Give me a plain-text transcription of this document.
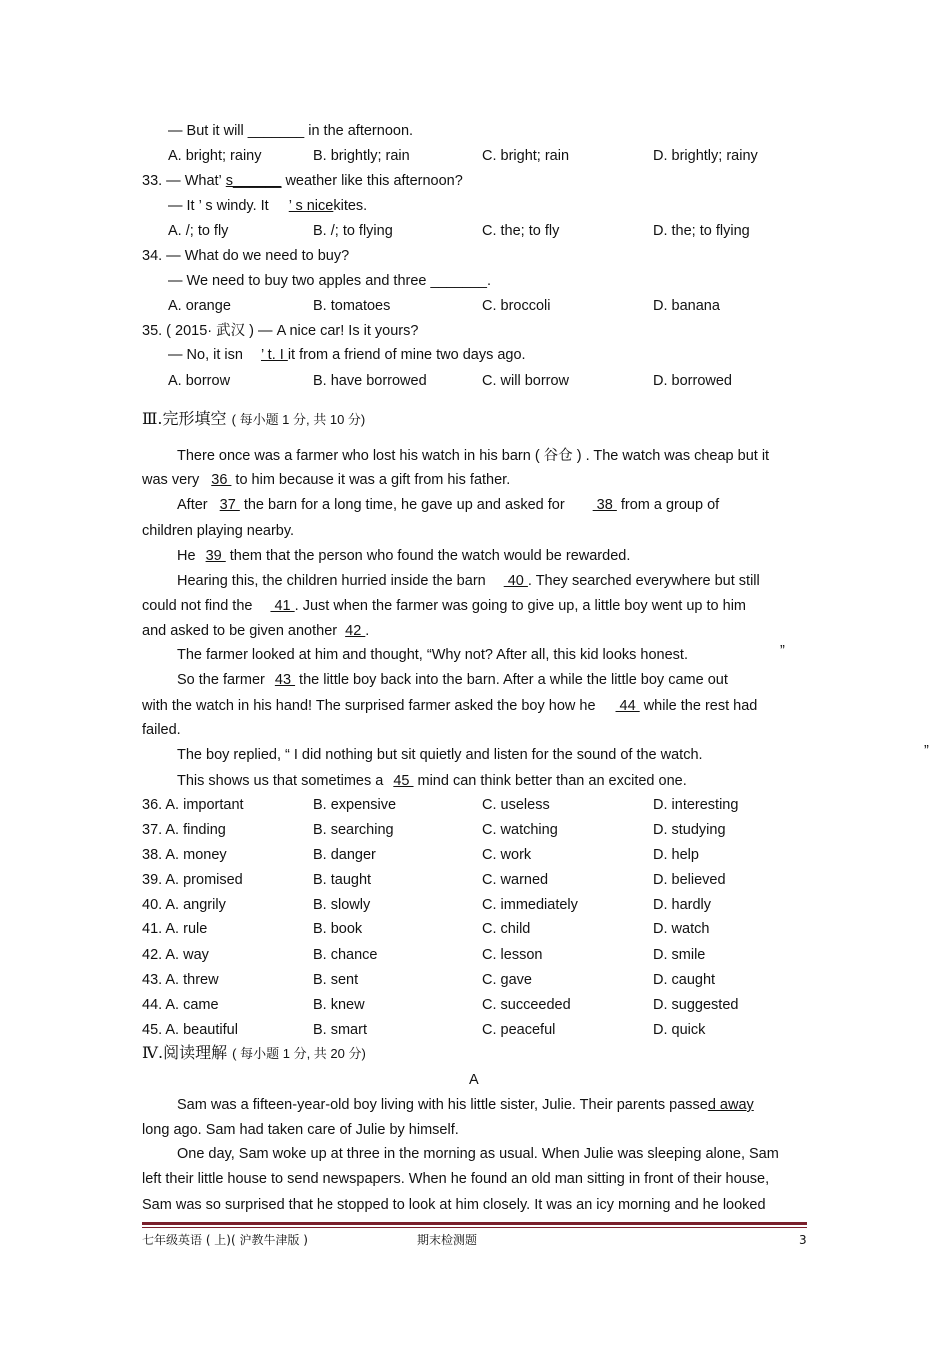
— But it will _______ in the afternoon.
A. bright; rainy	B. brightly; rain	C. bright; rain	D. brightly; rainy
33. — What’ s______ weather like this afternoon?
— It ’ s windy. It ’ s nicekites.
A. /; to fly	B. /; to flying	C. the; to fly	D. the; to flying
34. — What do we need to buy?
— We need to buy two apples and three _______.
A. orange	B. tomatoes	C. broccoli	D. banana
35. ( 2015· 武汉 ) — A nice car! Is it yours?
— No, it isn ’ t. I it from a friend of mine two days ago.
A. borrow	B. have borrowed	C. will borrow	D. borrowed
Ⅲ.完形填空 ( 每小题 1 分, 共 10 分)
There once was a farmer who lost his watch in his barn ( 谷仓 ) . The watch was cheap but it
was very 36 to him because it was a gift from his father.
After 37 the barn for a long time, he gave up and asked for 38 from a group of
children playing nearby.
He 39 them that the person who found the watch would be rewarded.
Hearing this, the children hurried inside the barn 40 . They searched everywhere but still
could not find the 41 . Just when the farmer was going to give up, a little boy went up to him
and asked to be given another 42 .
The farmer looked at him and thought, “Why not? After all, this kid looks honest.	”
So the farmer 43 the little boy back into the barn. After a while the little boy came out
with the watch in his hand! The surprised farmer asked the boy how he 44 while the rest had
failed.
The boy replied, “ I did nothing but sit quietly and listen for the sound of the watch.	”
This shows us that sometimes a 45 mind can think better than an excited one.
36. A. important	B. expensive	C. useless	D. interesting
37. A. finding	B. searching	C. watching	D. studying
38. A. money	B. danger	C. work	D. help
39. A. promised	B. taught	C. warned	D. believed
40. A. angrily	B. slowly	C. immediately	D. hardly
41. A. rule	B. book	C. child	D. watch
42. A. way	B. chance	C. lesson	D. smile
43. A. threw	B. sent	C. gave	D. caught
44. A. came	B. knew	C. succeeded	D. suggested
45. A. beautiful	B. smart	C. peaceful	D. quick
Ⅳ.阅读理解 ( 每小题 1 分, 共 20 分)
A
Sam was a fifteen-year-old boy living with his little sister, Julie. Their parents passed away
long ago. Sam had taken care of Julie by himself.
One day, Sam woke up at three in the morning as usual. When Julie was sleeping alone, Sam
left their little house to send newspapers. When he found an old man sitting in front of their house,
Sam was so surprised that he stopped to look at him closely. It was an icy morning and he looked
七年级英语 ( 上)( 沪教牛津版 )	期末检测题	3
